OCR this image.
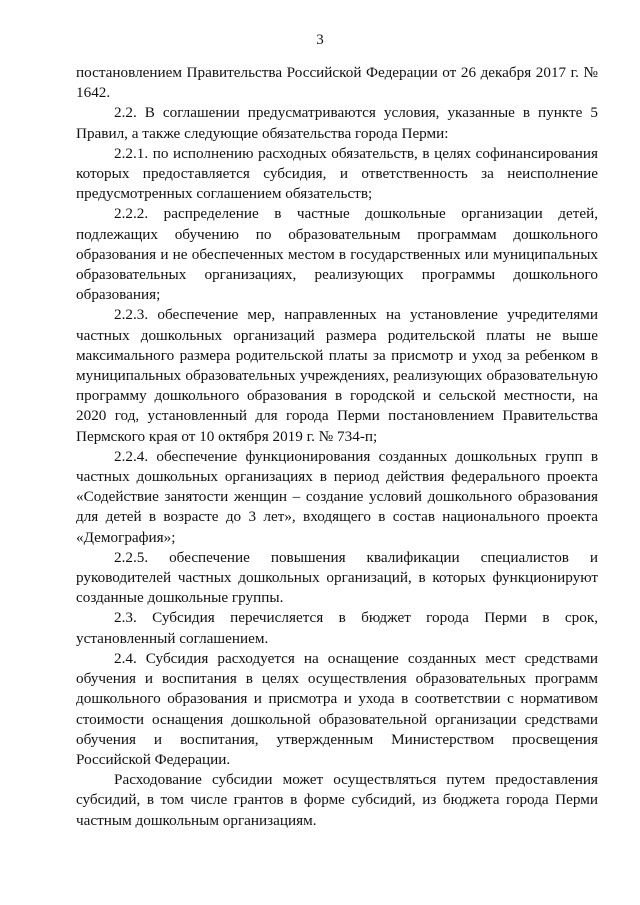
3

постановлением Правительства Российской Федерации от 26 декабря 2017 г. № 1642.

2.2. В соглашении предусматриваются условия, указанные в пункте 5 Правил, а также следующие обязательства города Перми:

2.2.1. по исполнению расходных обязательств, в целях софинансирования которых предоставляется субсидия, и ответственность за неисполнение предусмотренных соглашением обязательств;

2.2.2. распределение в частные дошкольные организации детей, подлежащих обучению по образовательным программам дошкольного образования и не обеспеченных местом в государственных или муниципальных образовательных организациях, реализующих программы дошкольного образования;

2.2.3. обеспечение мер, направленных на установление учредителями частных дошкольных организаций размера родительской платы не выше максимального размера родительской платы за присмотр и уход за ребенком в муниципальных образовательных учреждениях, реализующих образовательную программу дошкольного образования в городской и сельской местности, на 2020 год, установленный для города Перми постановлением Правительства Пермского края от 10 октября 2019 г. № 734-п;

2.2.4. обеспечение функционирования созданных дошкольных групп в частных дошкольных организациях в период действия федерального проекта «Содействие занятости женщин – создание условий дошкольного образования для детей в возрасте до 3 лет», входящего в состав национального проекта «Демография»;

2.2.5. обеспечение повышения квалификации специалистов и руководителей частных дошкольных организаций, в которых функционируют созданные дошкольные группы.

2.3. Субсидия перечисляется в бюджет города Перми в срок, установленный соглашением.

2.4. Субсидия расходуется на оснащение созданных мест средствами обучения и воспитания в целях осуществления образовательных программ дошкольного образования и присмотра и ухода в соответствии с нормативом стоимости оснащения дошкольной образовательной организации средствами обучения и воспитания, утвержденным Министерством просвещения Российской Федерации.

Расходование субсидии может осуществляться путем предоставления субсидий, в том числе грантов в форме субсидий, из бюджета города Перми частным дошкольным организациям.
